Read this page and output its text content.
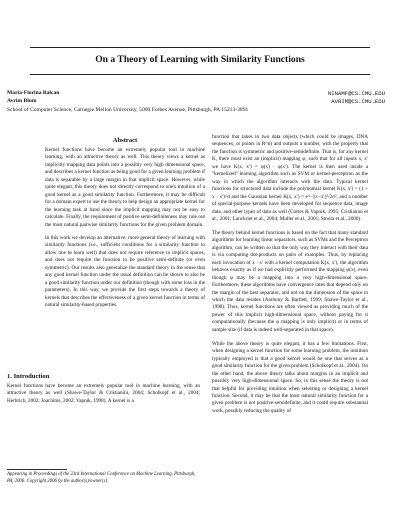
On a Theory of Learning with Similarity Functions
Maria-Florina Balcan	NINAMF@CS.CMU.EDU
Avrim Blum	AVRIM@CS.CMU.EDU
School of Computer Science, Carnegie Mellon University, 5000 Forbes Avenue, Pittsburgh, PA 15213-3891
Abstract

Kernel functions have become an extremely popular tool in machine learning, with an attractive theory as well. This theory views a kernel as implicitly mapping data points into a possibly very high dimensional space, and describes a kernel function as being good for a given learning problem if data is separable by a large margin in that implicit space. However, while quite elegant, this theory does not directly correspond to one's intuition of a good kernel as a good similarity function. Furthermore, it may be difficult for a domain expert to use the theory to help design an appropriate kernel for the learning task at hand since the implicit mapping may not be easy to calculate. Finally, the requirement of positive semi-definiteness may rule out the most natural pairwise similarity functions for the given problem domain.

In this work we develop an alternative, more general theory of learning with similarity functions (i.e., sufficient conditions for a similarity function to allow one to learn well) that does not require reference to implicit spaces, and does not require the function to be positive semi-definite (or even symmetric). Our results also generalize the standard theory in the sense that any good kernel function under the usual definition can be shown to also be a good similarity function under our definition (though with some loss in the parameters). In this way, we provide the first steps towards a theory of kernels that describes the effectiveness of a given kernel function in terms of natural similarity-based properties.

1. Introduction
Kernel functions have become an extremely popular tool in machine learning, with an attractive theory as well (Shawe-Taylor & Cristianini, 2004; Scholkopf et al., 2004; Herbrich, 2002; Joachims, 2002; Vapnik, 1998). A kernel is a
Appearing in Proceedings of the 23rd International Conference on Machine Learning, Pittsburgh, PA, 2006. Copyright 2006 by the author(s)/owner(s).

function that takes in two data objects (which could be images, DNA sequences, or points in R^n) and outputs a number, with the property that the function is symmetric and positive-semidefinite. That is, for any kernel K, there must exist an (implicit) mapping φ, such that for all inputs x, x′ we have K(x, x′) = φ(x) · φ(x′). The kernel is then used inside a "kernelized" learning algorithm such as SVM or kernel-perceptron as the way in which the algorithm interacts with the data. Typical kernel functions for structured data include the polynomial kernel K(x, x′) = (1 + x · x′)^d and the Gaussian kernel K(x, x′) = e^−||x−x′||²/2σ², and a number of special-purpose kernels have been developed for sequence data, image data, and other types of data as well (Cortes & Vapnik, 1995; Cristianini et al., 2001; Lanckriet et al., 2004; Muller et al., 2001; Smola et al., 2000).

The theory behind kernel functions is based on the fact that many standard algorithms for learning linear separators, such as SVMs and the Perceptron algorithm, can be written so that the only way they interact with their data is via computing dot-products on pairs of examples. Thus, by replacing each invocation of x · x′ with a kernel computation K(x, x′), the algorithm behaves exactly as if we had explicitly performed the mapping φ(x), even though φ may be a mapping into a very high-dimensional space. Furthermore, these algorithms have convergence rates that depend only on the margin of the best separator, and not on the dimension of the space in which the data resides (Anthony & Bartlett, 1999; Shawe-Taylor et al., 1998). Thus, kernel functions are often viewed as providing much of the power of this implicit high-dimensional space, without paying for it computationally (because the φ mapping is only implicit) or in terms of sample size (if data is indeed well-separated in that space).

While the above theory is quite elegant, it has a few limitations. First, when designing a kernel function for some learning problem, the intuition typically employed is that a good kernel would be one that serves as a good similarity function for the given problem (Scholkopf et al., 2004). On the other hand, the above theory talks about margins in an implicit and possibly very high-dimensional space. So, in this sense the theory is not that helpful for providing intuition when selecting or designing a kernel function. Second, it may be that the most natural similarity function for a given problem is not positive-semidefinite, and it could require substantial work, possibly reducing the quality of
